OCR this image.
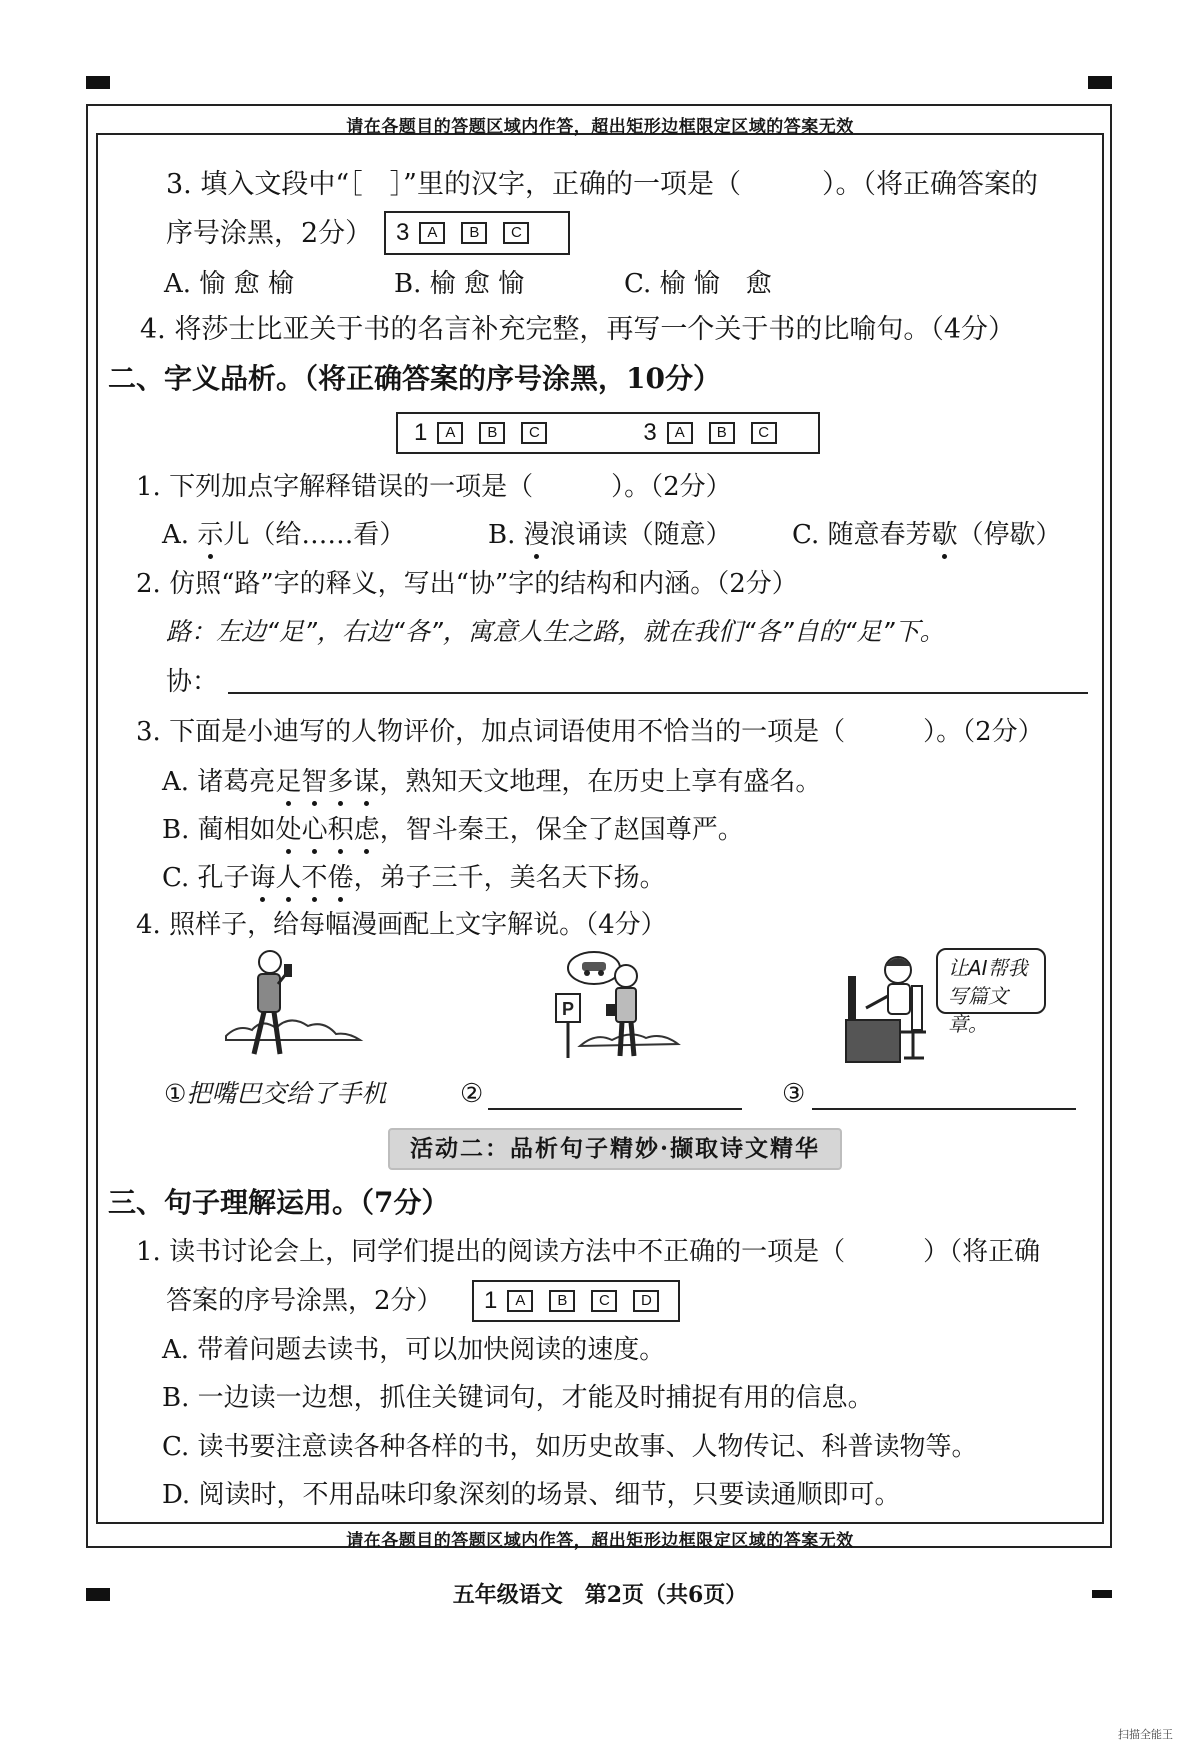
请在各题目的答题区域内作答，超出矩形边框限定区域的答案无效
请在各题目的答题区域内作答，超出矩形边框限定区域的答案无效
3. 填入文段中“［　］”里的汉字，正确的一项是（　　　）。（将正确答案的
序号涂黑，2分） 3	A	B	C
A. 愉 愈 榆	B. 榆 愈 愉	C. 榆 愉　愈
4. 将莎士比亚关于书的名言补充完整，再写一个关于书的比喻句。（4分）
二、字义品析。（将正确答案的序号涂黑，10分）
1	A	B	C	3	A	B	C
1. 下列加点字解释错误的一项是（　　　）。（2分）
A. 示儿（给……看）	B. 漫浪诵读（随意） C. 随意春芳歇（停歇）
2. 仿照“路”字的释义，写出“协”字的结构和内涵。（2分）
路：左边“足”，右边“各”，寓意人生之路，就在我们“各”自的“足”下。
协：
3. 下面是小迪写的人物评价，加点词语使用不恰当的一项是（　　　）。（2分）
A. 诸葛亮足智多谋，熟知天文地理，在历史上享有盛名。
B. 蔺相如处心积虑，智斗秦王，保全了赵国尊严。
C. 孔子诲人不倦，弟子三千，美名天下扬。
4. 照样子，给每幅漫画配上文字解说。（4分）
P
让AI帮我
写篇文章。
①把嘴巴交给了手机	②	③
活动二：品析句子精妙·撷取诗文精华
三、句子理解运用。（7分）
1. 读书讨论会上，同学们提出的阅读方法中不正确的一项是（　　　）（将正确
答案的序号涂黑，2分） 1	A	B	C	D
A. 带着问题去读书，可以加快阅读的速度。
B. 一边读一边想，抓住关键词句，才能及时捕捉有用的信息。
C. 读书要注意读各种各样的书，如历史故事、人物传记、科普读物等。
D. 阅读时，不用品味印象深刻的场景、细节，只要读通顺即可。
五年级语文　第2页（共6页）
扫描全能王
